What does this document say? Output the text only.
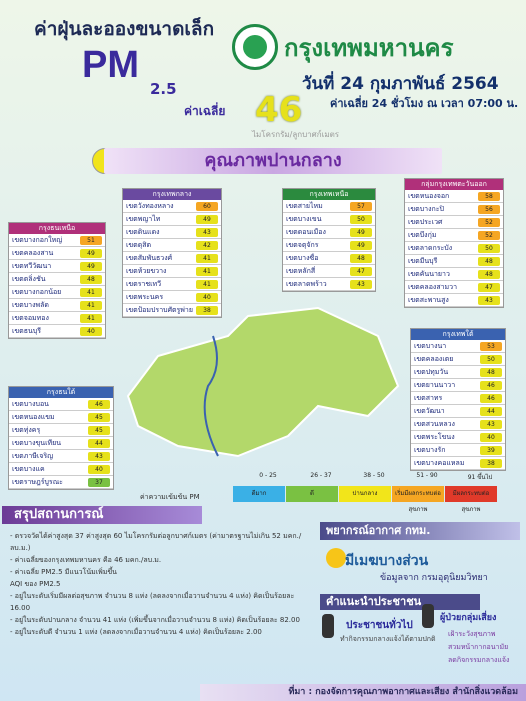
ค่าฝุ่นละอองขนาดเล็ก
PM
2.5
กรุงเทพมหานคร
วันที่ 24 กุมภาพันธ์ 2564
ค่าเฉลี่ย 46
ไมโครกรัม/ลูกบาศก์เมตร
ค่าเฉลี่ย 24 ชั่วโมง ณ เวลา 07:00 น.
คุณภาพปานกลาง
กรุงเทพกลาง
เขตวังทองหลาง	60
เขตพญาไท	49
เขตดินแดง	43
เขตดุสิต	42
เขตสัมพันธวงศ์	41
เขตห้วยขวาง	41
เขตราชเทวี	41
เขตพระนคร	40
เขตป้อมปราบศัตรูพ่าย	38
กรุงเทพเหนือ
เขตสายไหม	57
เขตบางเขน	50
เขตดอนเมือง	49
เขตจตุจักร	49
เขตบางซื่อ	48
เขตหลักสี่	47
เขตลาดพร้าว	43
กลุ่มกรุงเทพตะวันออก
เขตหนองจอก	58
เขตบางกะปิ	56
เขตประเวศ	52
เขตบึงกุ่ม	52
เขตลาดกระบัง	50
เขตมีนบุรี	48
เขตคันนายาว	48
เขตคลองสามวา	47
เขตสะพานสูง	43
กรุงธนเหนือ
เขตบางกอกใหญ่	51
เขตคลองสาน	49
เขตทวีวัฒนา	49
เขตตลิ่งชัน	48
เขตบางกอกน้อย	41
เขตบางพลัด	41
เขตจอมทอง	41
เขตธนบุรี	40
กรุงธนใต้
เขตบางบอน	46
เขตหนองแขม	45
เขตทุ่งครุ	45
เขตบางขุนเทียน	44
เขตภาษีเจริญ	43
เขตบางแค	40
เขตราษฎร์บูรณะ	37
กรุงเทพใต้
เขตบางนา	53
เขตคลองเตย	50
เขตปทุมวัน	48
เขตยานนาวา	46
เขตสาทร	46
เขตวัฒนา	44
เขตสวนหลวง	43
เขตพระโขนง	40
เขตบางรัก	39
เขตบางคอแหลม	38
0 - 25	26 - 37	38 - 50	51 - 90	91 ขึ้นไป
ค่าความเข้มข้น PM	ดีมาก	ดี	ปานกลาง	เริ่มมีผลกระทบต่อสุขภาพ
มีผลกระทบต่อสุขภาพ
สรุปสถานการณ์
- ตรวจวัดได้ค่าสูงสุด 37 ค่าสูงสุด 60 ไมโครกรัมต่อลูกบาศก์เมตร (ค่ามาตรฐานไม่เกิน 52 มคก./ลบ.ม.)
- ค่าเฉลี่ยของกรุงเทพมหานคร คือ 46 มคก./ลบ.ม.
- ค่าเฉลี่ย PM2.5 มีแนวโน้มเพิ่มขึ้น
AQI ของ PM2.5
- อยู่ในระดับเริ่มมีผลต่อสุขภาพ จำนวน 8 แห่ง (ลดลงจากเมื่อวานจำนวน 4 แห่ง) คิดเป็นร้อยละ 16.00
- อยู่ในระดับปานกลาง จำนวน 41 แห่ง (เพิ่มขึ้นจากเมื่อวานจำนวน 8 แห่ง) คิดเป็นร้อยละ 82.00
- อยู่ในระดับดี จำนวน 1 แห่ง (ลดลงจากเมื่อวานจำนวน 4 แห่ง) คิดเป็นร้อยละ 2.00
พยากรณ์อากาศ กทม.
มีเมฆบางส่วน
ข้อมูลจาก กรมอุตุนิยมวิทยา
คำแนะนำประชาชน
ประชาชนทั่วไป
ทำกิจกรรมกลางแจ้งได้ตามปกติ
ผู้ป่วยกลุ่มเสี่ยง
เฝ้าระวังสุขภาพ
สวมหน้ากากอนามัย
ลดกิจกรรมกลางแจ้ง
ที่มา : กองจัดการคุณภาพอากาศและเสียง สำนักสิ่งแวดล้อม
